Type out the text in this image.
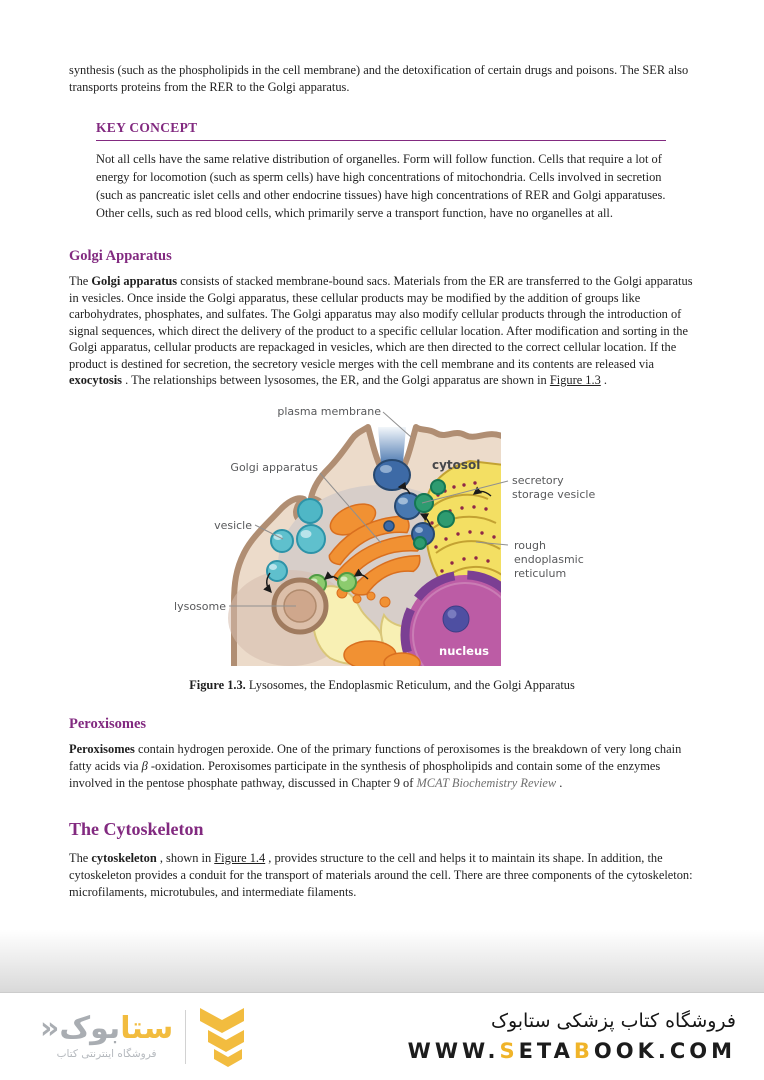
synthesis (such as the phospholipids in the cell membrane) and the detoxification of certain drugs and poisons. The SER also transports proteins from the RER to the Golgi apparatus.

KEY CONCEPT

Not all cells have the same relative distribution of organelles. Form will follow function. Cells that require a lot of energy for locomotion (such as sperm cells) have high concentrations of mitochondria. Cells involved in secretion (such as pancreatic islet cells and other endocrine tissues) have high concentrations of RER and Golgi apparatuses. Other cells, such as red blood cells, which primarily serve a transport function, have no organelles at all.

Golgi Apparatus

The Golgi apparatus consists of stacked membrane-bound sacs. Materials from the ER are transferred to the Golgi apparatus in vesicles. Once inside the Golgi apparatus, these cellular products may be modified by the addition of groups like carbohydrates, phosphates, and sulfates. The Golgi apparatus may also modify cellular products through the introduction of signal sequences, which direct the delivery of the product to a specific cellular location. After modification and sorting in the Golgi apparatus, cellular products are repackaged in vesicles, which are then directed to the correct cellular location. If the product is destined for secretion, the secretory vesicle merges with the cell membrane and its contents are released via exocytosis . The relationships between lysosomes, the ER, and the Golgi apparatus are shown in Figure 1.3 .

plasma membrane
Golgi apparatus	cytosol
secretory
storage vesicle
rough
endoplasmic
reticulum
vesicle
lysosome
nucleus

Figure 1.3. Lysosomes, the Endoplasmic Reticulum, and the Golgi Apparatus

Peroxisomes

Peroxisomes contain hydrogen peroxide. One of the primary functions of peroxisomes is the breakdown of very long chain fatty acids via β -oxidation. Peroxisomes participate in the synthesis of phospholipids and contain some of the enzymes involved in the pentose phosphate pathway, discussed in Chapter 9 of MCAT Biochemistry Review .

The Cytoskeleton

The cytoskeleton , shown in Figure 1.4 , provides structure to the cell and helps it to maintain its shape. In addition, the cytoskeleton provides a conduit for the transport of materials around the cell. There are three components of the cytoskeleton: microfilaments, microtubules, and intermediate filaments.

ستابوک«
فروشگاه اینترنتی کتاب
فروشگاه کتاب پزشکی ستابوک
WWW.SETABOOK.COM
